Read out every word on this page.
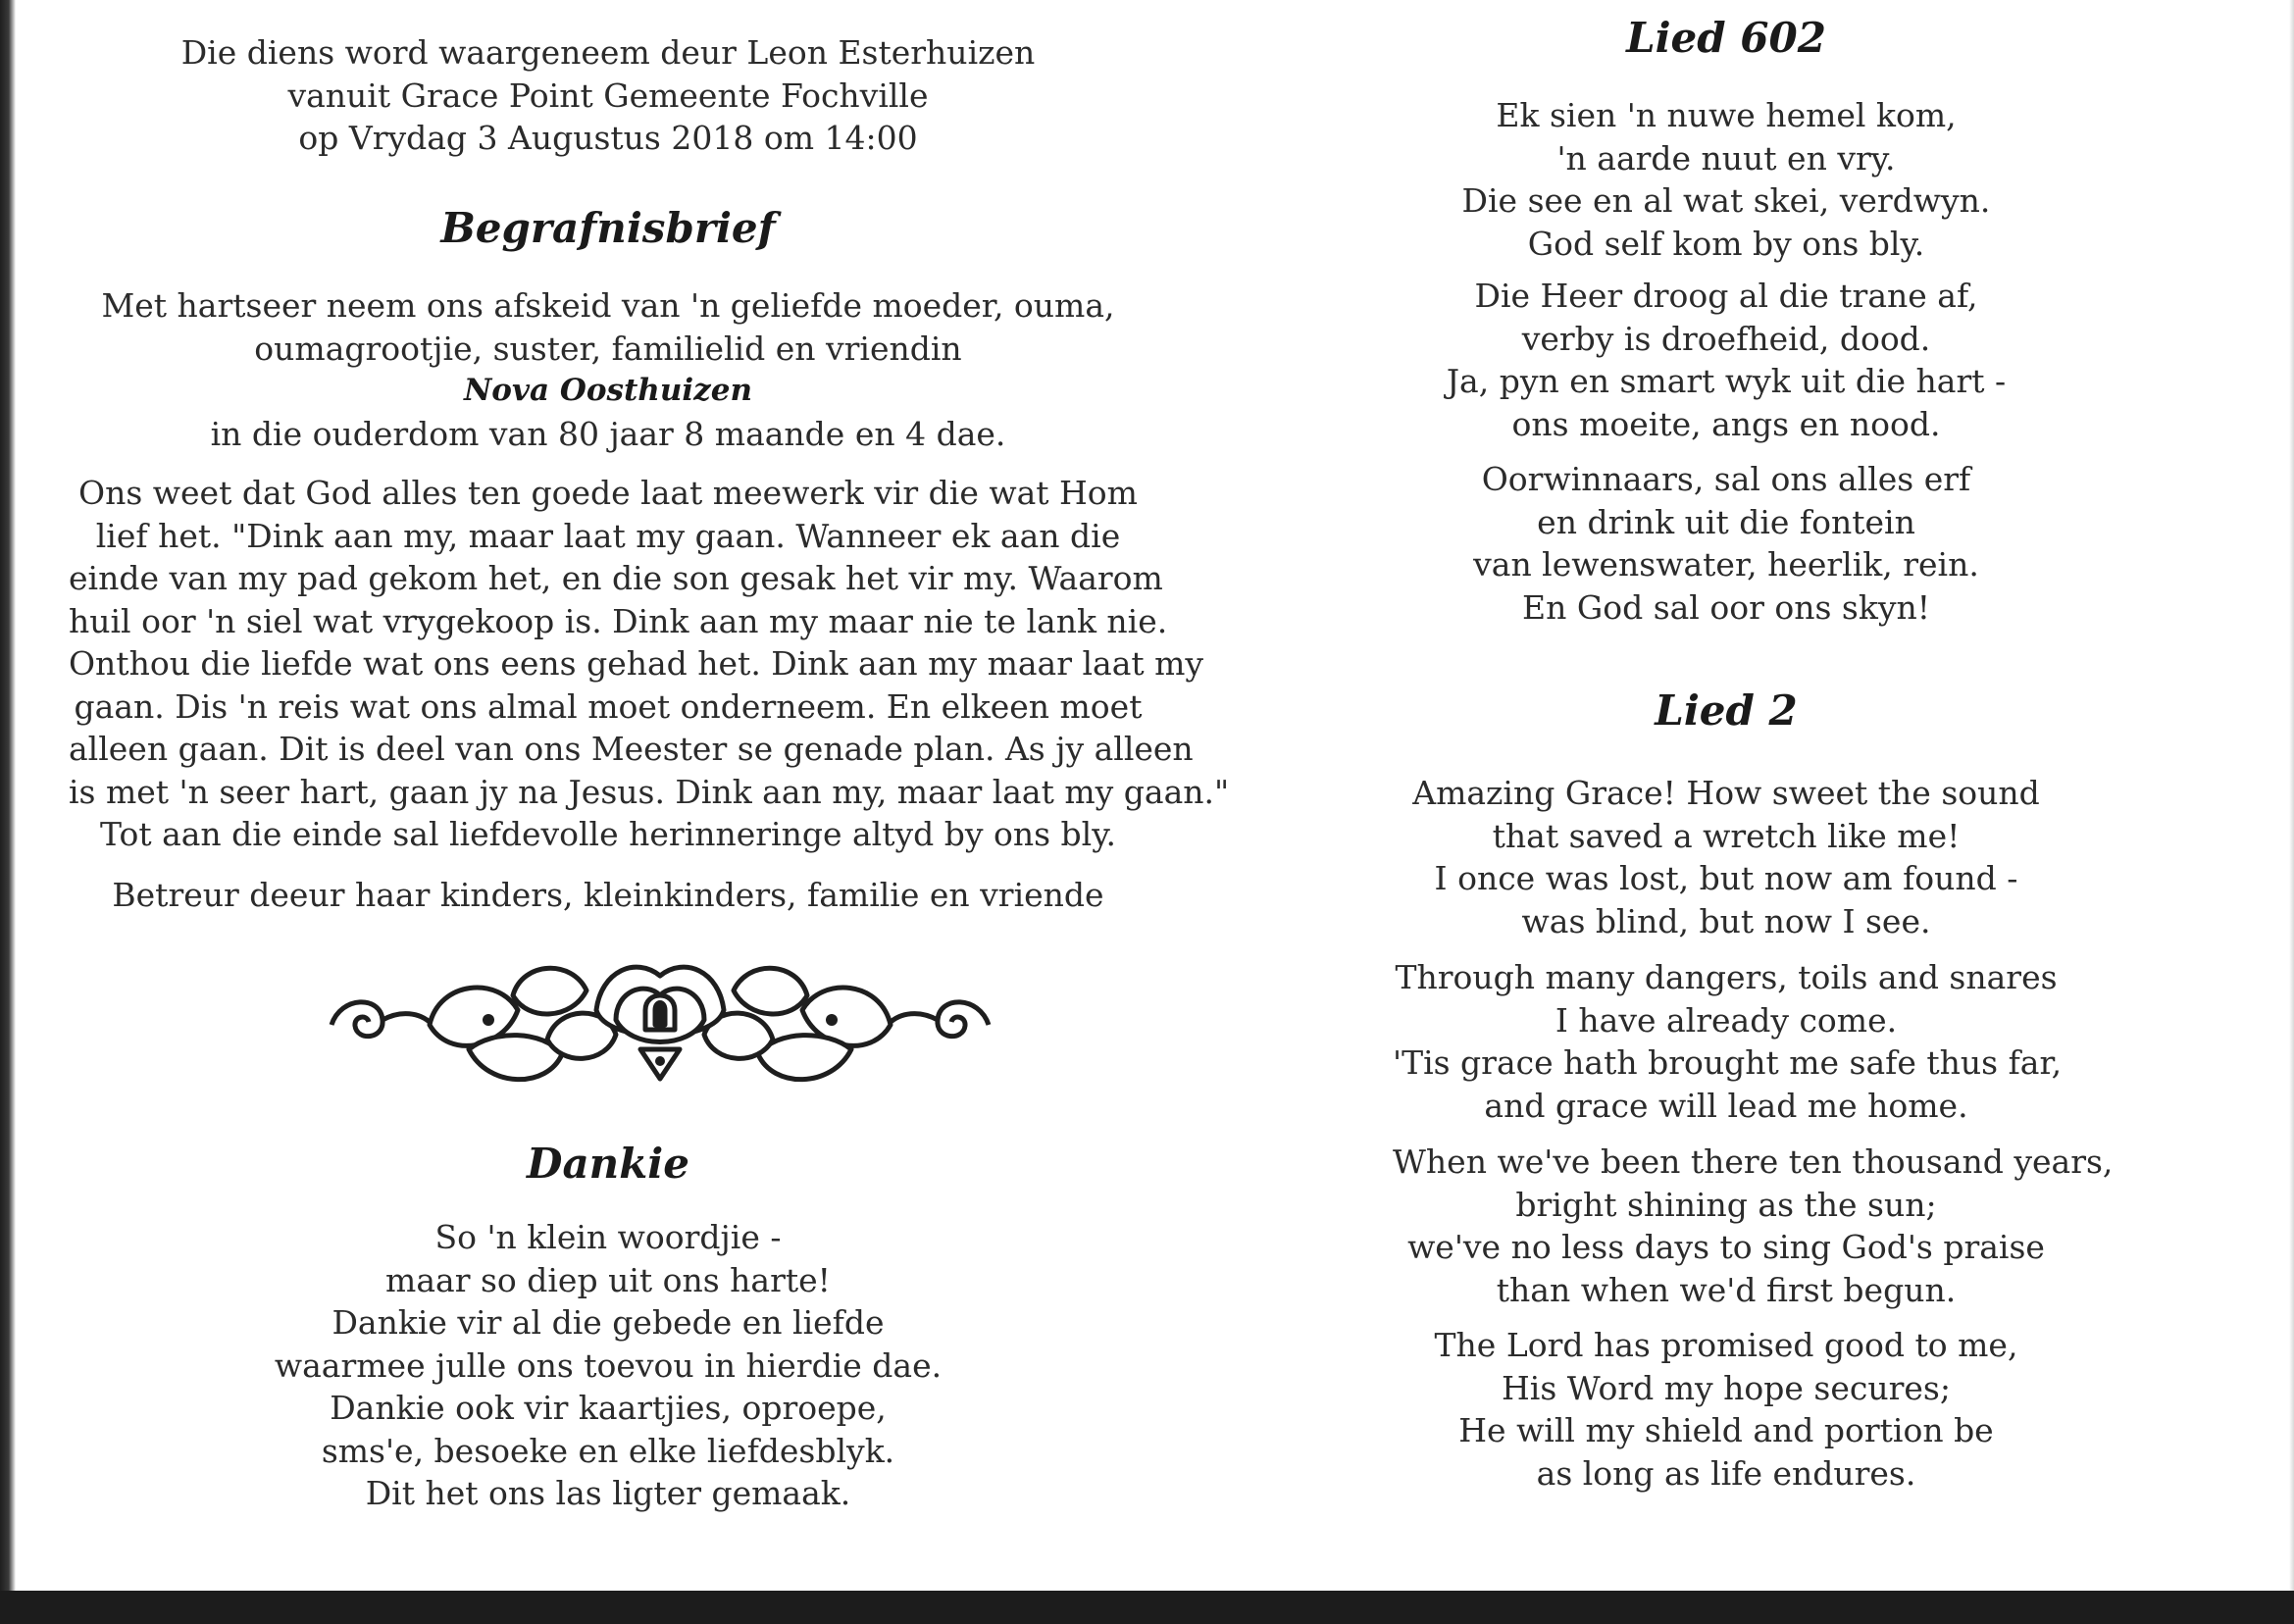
Die diens word waargeneem deur Leon Esterhuizen
vanuit Grace Point Gemeente Fochville
op Vrydag 3 Augustus 2018 om 14:00
Begrafnisbrief
Met hartseer neem ons afskeid van 'n geliefde moeder, ouma,
oumagrootjie, suster, familielid en vriendin
Nova Oosthuizen
in die ouderdom van 80 jaar 8 maande en 4 dae.
Ons weet dat God alles ten goede laat meewerk vir die wat Hom
lief het. "Dink aan my, maar laat my gaan. Wanneer ek aan die
einde van my pad gekom het, en die son gesak het vir my. Waarom
huil oor 'n siel wat vrygekoop is. Dink aan my maar nie te lank nie.
Onthou die liefde wat ons eens gehad het. Dink aan my maar laat my
gaan. Dis 'n reis wat ons almal moet onderneem. En elkeen moet
alleen gaan. Dit is deel van ons Meester se genade plan. As jy alleen
is met 'n seer hart, gaan jy na Jesus. Dink aan my, maar laat my gaan."
Tot aan die einde sal liefdevolle herinneringe altyd by ons bly.
Betreur deeur haar kinders, kleinkinders, familie en vriende
Dankie
So 'n klein woordjie -
maar so diep uit ons harte!
Dankie vir al die gebede en liefde
waarmee julle ons toevou in hierdie dae.
Dankie ook vir kaartjies, oproepe,
sms'e, besoeke en elke liefdesblyk.
Dit het ons las ligter gemaak.
Lied 602
Ek sien 'n nuwe hemel kom,
'n aarde nuut en vry.
Die see en al wat skei, verdwyn.
God self kom by ons bly.
Die Heer droog al die trane af,
verby is droefheid, dood.
Ja, pyn en smart wyk uit die hart -
ons moeite, angs en nood.
Oorwinnaars, sal ons alles erf
en drink uit die fontein
van lewenswater, heerlik, rein.
En God sal oor ons skyn!
Lied 2
Amazing Grace! How sweet the sound
that saved a wretch like me!
I once was lost, but now am found -
was blind, but now I see.
Through many dangers, toils and snares
I have already come.
'Tis grace hath brought me safe thus far,
and grace will lead me home.
When we've been there ten thousand years,
bright shining as the sun;
we've no less days to sing God's praise
than when we'd first begun.
The Lord has promised good to me,
His Word my hope secures;
He will my shield and portion be
as long as life endures.
